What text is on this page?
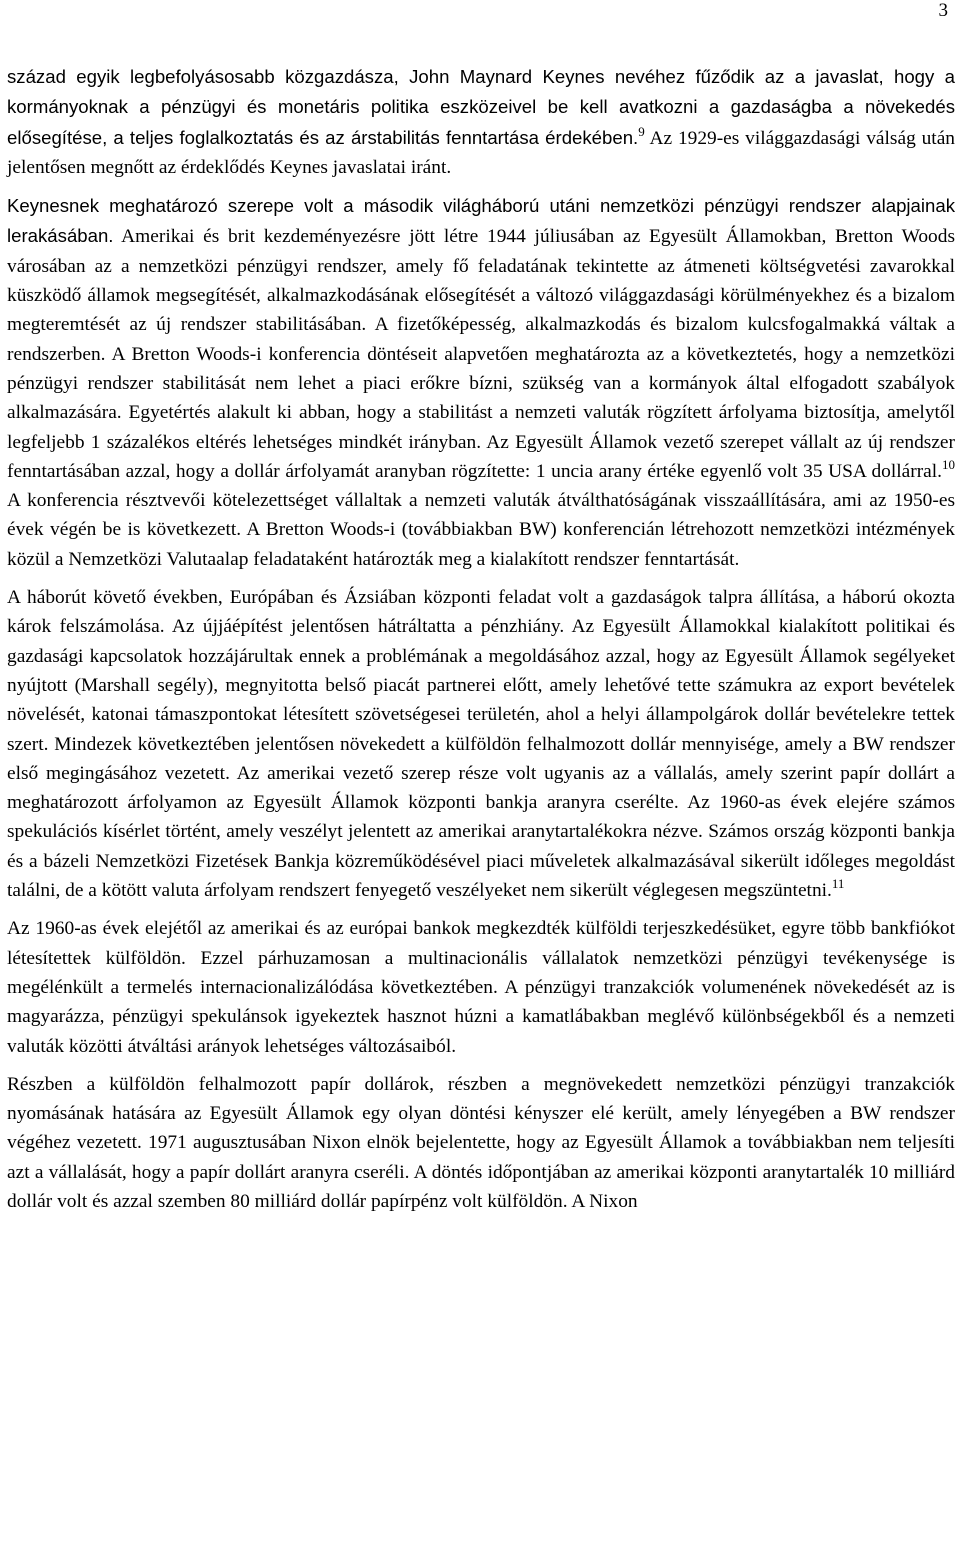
3

század egyik legbefolyásosabb közgazdásza, John Maynard Keynes nevéhez fűződik az a javaslat, hogy a kormányoknak a pénzügyi és monetáris politika eszközeivel be kell avatkozni a gazdaságba a növekedés elősegítése, a teljes foglalkoztatás és az árstabilitás fenntartása érdekében.$^9$ Az 1929-es világgazdasági válság után jelentősen megnőtt az érdeklődés Keynes javaslatai iránt.

Keynesnek meghatározó szerepe volt a második világháború utáni nemzetközi pénzügyi rendszer alapjainak lerakásában. Amerikai és brit kezdeményezésre jött létre 1944 júliusában az Egyesült Államokban, Bretton Woods városában az a nemzetközi pénzügyi rendszer, amely fő feladatának tekintette az átmeneti költségvetési zavarokkal küszködő államok megsegítését, alkalmazkodásának elősegítését a változó világgazdasági körülményekhez és a bizalom megteremtését az új rendszer stabilitásában. A fizetőképesség, alkalmazkodás és bizalom kulcsfogalmakká váltak a rendszerben. A Bretton Woods-i konferencia döntéseit alapvetően meghatározta az a következtetés, hogy a nemzetközi pénzügyi rendszer stabilitását nem lehet a piaci erőkre bízni, szükség van a kormányok által elfogadott szabályok alkalmazására. Egyetértés alakult ki abban, hogy a stabilitást a nemzeti valuták rögzített árfolyama biztosítja, amelytől legfeljebb 1 százalékos eltérés lehetséges mindkét irányban. Az Egyesült Államok vezető szerepet vállalt az új rendszer fenntartásában azzal, hogy a dollár árfolyamát aranyban rögzítette: 1 uncia arany értéke egyenlő volt 35 USA dollárral.$^{10}$ A konferencia résztvevői kötelezettséget vállaltak a nemzeti valuták átválthatóságának visszaállítására, ami az 1950-es évek végén be is következett. A Bretton Woods-i (továbbiakban BW) konferencián létrehozott nemzetközi intézmények közül a Nemzetközi Valutaalap feladataként határozták meg a kialakított rendszer fenntartását.

A háborút követő években, Európában és Ázsiában központi feladat volt a gazdaságok talpra állítása, a háború okozta károk felszámolása. Az újjáépítést jelentősen hátráltatta a pénzhiány. Az Egyesült Államokkal kialakított politikai és gazdasági kapcsolatok hozzájárultak ennek a problémának a megoldásához azzal, hogy az Egyesült Államok segélyeket nyújtott (Marshall segély), megnyitotta belső piacát partnerei előtt, amely lehetővé tette számukra az export bevételek növelését, katonai támaszpontokat létesített szövetségesei területén, ahol a helyi állampolgárok dollár bevételekre tettek szert. Mindezek következtében jelentősen növekedett a külföldön felhalmozott dollár mennyisége, amely a BW rendszer első megingásához vezetett. Az amerikai vezető szerep része volt ugyanis az a vállalás, amely szerint papír dollárt a meghatározott árfolyamon az Egyesült Államok központi bankja aranyra cserélte. Az 1960-as évek elejére számos spekulációs kísérlet történt, amely veszélyt jelentett az amerikai aranytartalékokra nézve. Számos ország központi bankja és a bázeli Nemzetközi Fizetések Bankja közreműködésével piaci műveletek alkalmazásával sikerült időleges megoldást találni, de a kötött valuta árfolyam rendszert fenyegető veszélyeket nem sikerült véglegesen megszüntetni.$^{11}$

Az 1960-as évek elejétől az amerikai és az európai bankok megkezdték külföldi terjeszkedésüket, egyre több bankfiókot létesítettek külföldön. Ezzel párhuzamosan a multinacionális vállalatok nemzetközi pénzügyi tevékenysége is megélénkült a termelés internacionalizálódása következtében. A pénzügyi tranzakciók volumenének növekedését az is magyarázza, pénzügyi spekulánsok igyekeztek hasznot húzni a kamatlábakban meglévő különbségekből és a nemzeti valuták közötti átváltási arányok lehetséges változásaiból.

Részben a külföldön felhalmozott papír dollárok, részben a megnövekedett nemzetközi pénzügyi tranzakciók nyomásának hatására az Egyesült Államok egy olyan döntési kényszer elé került, amely lényegében a BW rendszer végéhez vezetett. 1971 augusztusában Nixon elnök bejelentette, hogy az Egyesült Államok a továbbiakban nem teljesíti azt a vállalását, hogy a papír dollárt aranyra cseréli. A döntés időpontjában az amerikai központi aranytartalék 10 milliárd dollár volt és azzal szemben 80 milliárd dollár papírpénz volt külföldön. A Nixon
